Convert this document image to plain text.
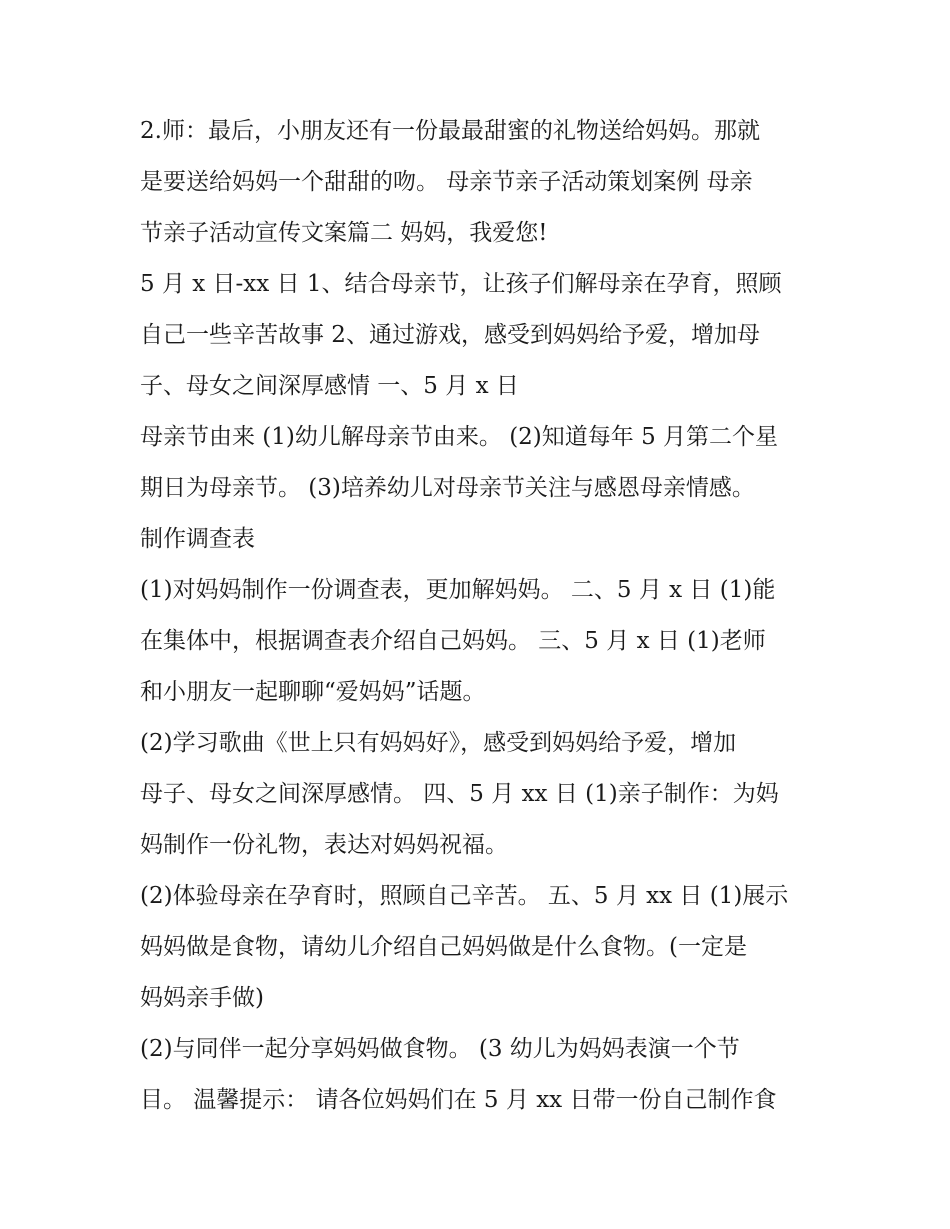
2.师：最后，小朋友还有一份最最甜蜜的礼物送给妈妈。那就
是要送给妈妈一个甜甜的吻。 母亲节亲子活动策划案例 母亲
节亲子活动宣传文案篇二 妈妈，我爱您!
5 月 x 日-xx 日 1、结合母亲节，让孩子们解母亲在孕育，照顾
自己一些辛苦故事 2、通过游戏，感受到妈妈给予爱，增加母
子、母女之间深厚感情 一、5 月 x 日
母亲节由来 (1)幼儿解母亲节由来。 (2)知道每年 5 月第二个星
期日为母亲节。 (3)培养幼儿对母亲节关注与感恩母亲情感。
制作调查表
(1)对妈妈制作一份调查表，更加解妈妈。 二、5 月 x 日 (1)能
在集体中，根据调查表介绍自己妈妈。 三、5 月 x 日 (1)老师
和小朋友一起聊聊“爱妈妈”话题。
(2)学习歌曲《世上只有妈妈好》，感受到妈妈给予爱，增加
母子、母女之间深厚感情。 四、5 月 xx 日 (1)亲子制作：为妈
妈制作一份礼物，表达对妈妈祝福。
(2)体验母亲在孕育时，照顾自己辛苦。 五、5 月 xx 日 (1)展示
妈妈做是食物，请幼儿介绍自己妈妈做是什么食物。(一定是
妈妈亲手做)
(2)与同伴一起分享妈妈做食物。 (3 幼儿为妈妈表演一个节
目。 温馨提示： 请各位妈妈们在 5 月 xx 日带一份自己制作食
